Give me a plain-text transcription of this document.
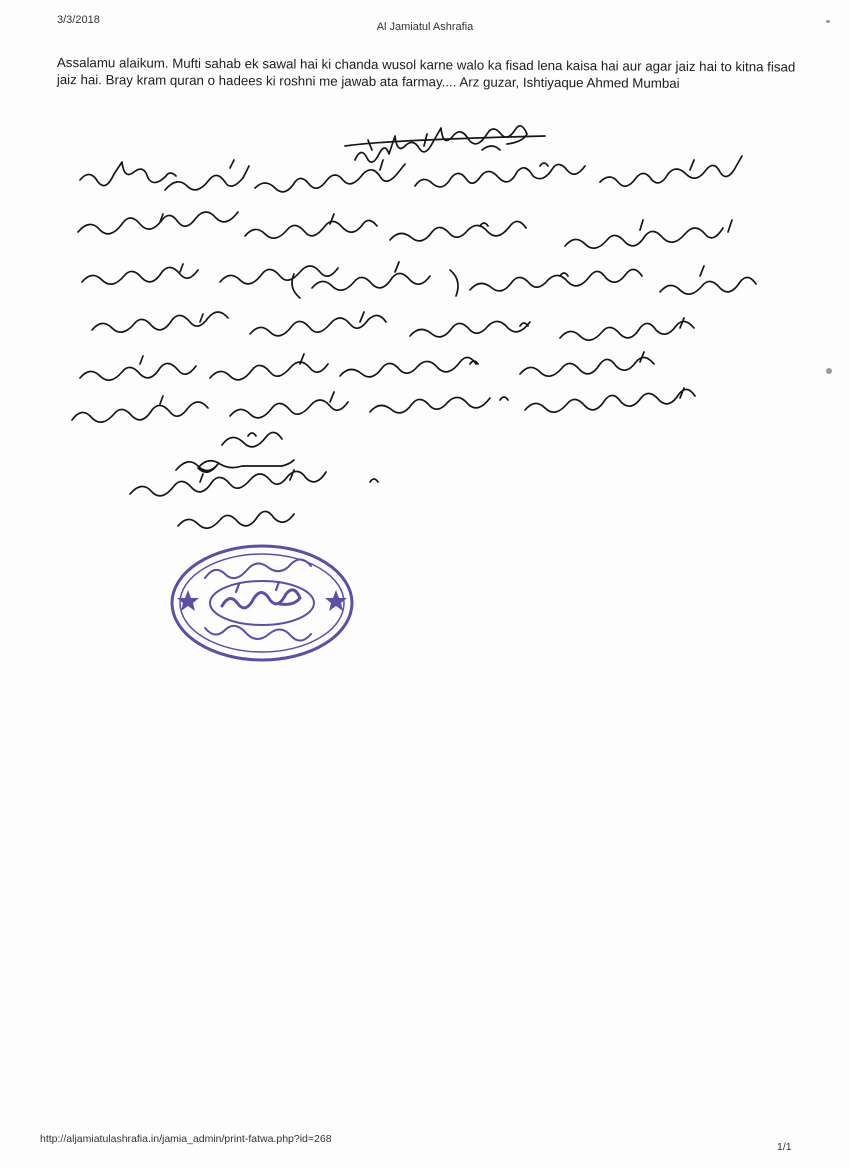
3/3/2018
Al Jamiatul Ashrafia
Assalamu alaikum. Mufti sahab ek sawal hai ki chanda wusol karne walo ka fisad lena kaisa hai aur agar jaiz hai to kitna fisad jaiz hai. Bray kram quran o hadees ki roshni me jawab ata farmay.... Arz guzar, Ishtiyaque Ahmed Mumbai
http://aljamiatulashrafia.in/jamia_admin/print-fatwa.php?id=268
1/1
